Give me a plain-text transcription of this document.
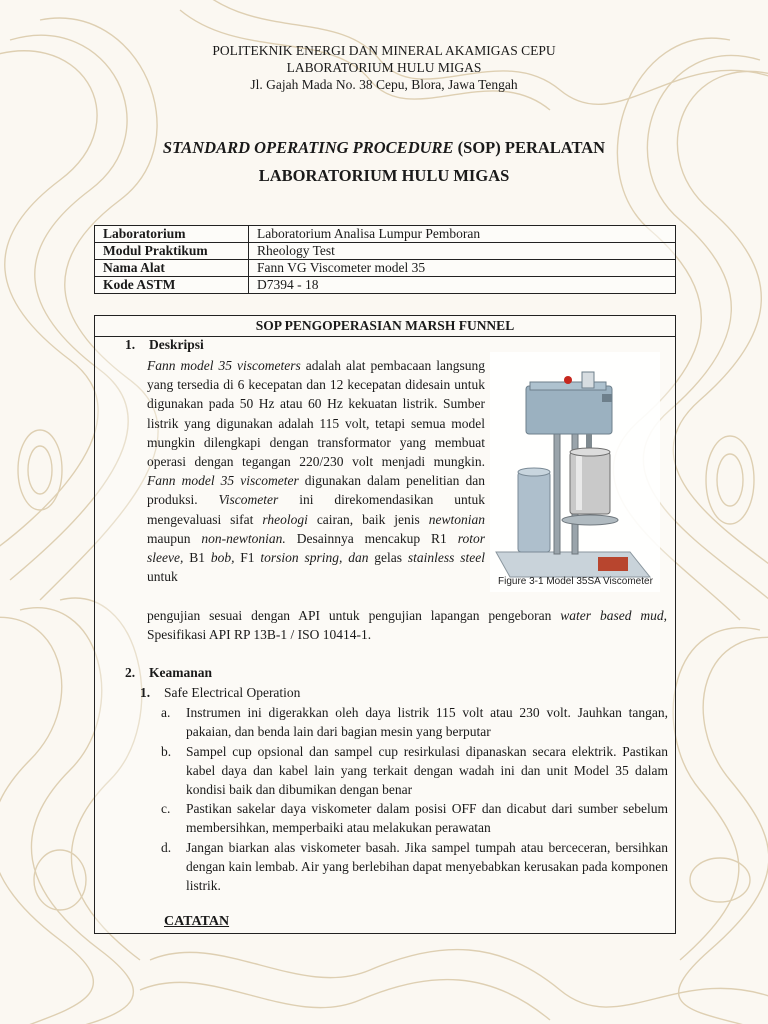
POLITEKNIK ENERGI DAN MINERAL AKAMIGAS CEPU
LABORATORIUM HULU MIGAS
Jl. Gajah Mada No. 38 Cepu, Blora, Jawa Tengah
STANDARD OPERATING PROCEDURE (SOP) PERALATAN
LABORATORIUM HULU MIGAS
Laboratorium	Laboratorium Analisa Lumpur Pemboran
Modul Praktikum	Rheology Test
Nama Alat	Fann VG Viscometer model 35
Kode ASTM	D7394 - 18
SOP PENGOPERASIAN MARSH FUNNEL
1. Deskripsi

Fann model 35 viscometers adalah alat pembacaan langsung yang tersedia di 6 kecepatan dan 12 kecepatan didesain untuk digunakan pada 50 Hz atau 60 Hz kekuatan listrik. Sumber listrik yang digunakan adalah 115 volt, tetapi semua model mungkin dilengkapi dengan transformator yang membuat operasi dengan tegangan 220/230 volt menjadi mungkin. Fann model 35 viscometer digunakan dalam penelitian dan produksi. Viscometer ini direkomendasikan untuk mengevaluasi sifat rheologi cairan, baik jenis newtonian maupun non-newtonian. Desainnya mencakup R1 rotor sleeve, B1 bob, F1 torsion spring, dan gelas stainless steel untuk

pengujian sesuai dengan API untuk pengujian lapangan pengeboran water based mud, Spesifikasi API RP 13B-1 / ISO 10414-1.

Figure 3-1 Model 35SA Viscometer
2. Keamanan
1. Safe Electrical Operation
a. Instrumen ini digerakkan oleh daya listrik 115 volt atau 230 volt. Jauhkan tangan, pakaian, dan benda lain dari bagian mesin yang berputar
b. Sampel cup opsional dan sampel cup resirkulasi dipanaskan secara elektrik. Pastikan kabel daya dan kabel lain yang terkait dengan wadah ini dan unit Model 35 dalam kondisi baik dan dibumikan dengan benar
c. Pastikan sakelar daya viskometer dalam posisi OFF dan dicabut dari sumber sebelum membersihkan, memperbaiki atau melakukan perawatan
d. Jangan biarkan alas viskometer basah. Jika sampel tumpah atau berceceran, bersihkan dengan kain lembab. Air yang berlebihan dapat menyebabkan kerusakan pada komponen listrik.
CATATAN
